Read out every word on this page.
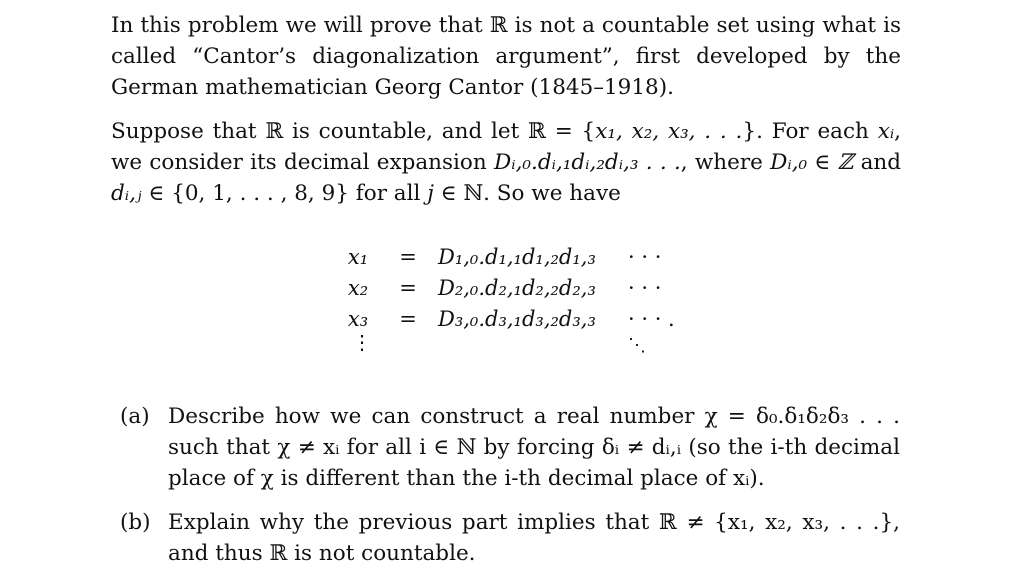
In this problem we will prove that ℝ is not a countable set using what is called “Cantor’s diagonalization argument”, first developed by the German mathematician Georg Cantor (1845–1918).

Suppose that ℝ is countable, and let ℝ = {x₁, x₂, x₃, . . .}. For each xᵢ, we consider its decimal expansion Dᵢ,₀.dᵢ,₁dᵢ,₂dᵢ,₃ . . ., where Dᵢ,₀ ∈ ℤ and dᵢ,ⱼ ∈ {0, 1, . . . , 8, 9} for all j ∈ ℕ. So we have

x₁	= D₁,₀.d₁,₁d₁,₂d₁,₃ · · ·
x₂	= D₂,₀.d₂,₁d₂,₂d₂,₃ · · ·
x₃	= D₃,₀.d₃,₁d₃,₂d₃,₃ · · · .
⋮	⋱
(a) Describe how we can construct a real number χ = δ₀.δ₁δ₂δ₃ . . . such that χ ≠ xᵢ for all i ∈ ℕ by forcing δᵢ ≠ dᵢ,ᵢ (so the i-th decimal place of χ is different than the i-th decimal place of xᵢ).
(b) Explain why the previous part implies that ℝ ≠ {x₁, x₂, x₃, . . .}, and thus ℝ is not countable.
